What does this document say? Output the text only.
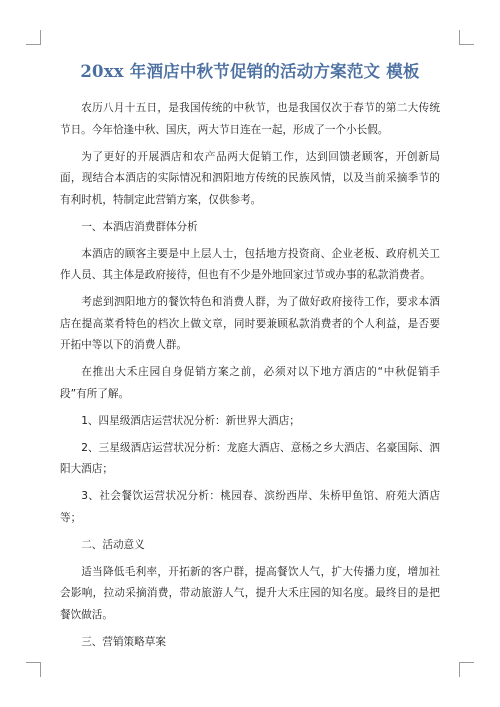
20xx 年酒店中秋节促销的活动方案范文 模板

农历八月十五日，是我国传统的中秋节，也是我国仅次于春节的第二大传统节日。今年恰逢中秋、国庆，两大节日连在一起，形成了一个小长假。

为了更好的开展酒店和农产品两大促销工作，达到回馈老顾客，开创新局面，现结合本酒店的实际情况和泗阳地方传统的民族风情，以及当前采摘季节的有利时机，特制定此营销方案，仅供参考。

一、本酒店消费群体分析

本酒店的顾客主要是中上层人士，包括地方投资商、企业老板、政府机关工作人员、其主体是政府接待，但也有不少是外地回家过节或办事的私款消费者。

考虑到泗阳地方的餐饮特色和消费人群，为了做好政府接待工作，要求本酒店在提高菜肴特色的档次上做文章，同时要兼顾私款消费者的个人利益，是否要开拓中等以下的消费人群。

在推出大禾庄园自身促销方案之前，必须对以下地方酒店的“中秋促销手段”有所了解。

1、四星级酒店运营状况分析：新世界大酒店；

2、三星级酒店运营状况分析：龙庭大酒店、意杨之乡大酒店、名豪国际、泗阳大酒店；

3、社会餐饮运营状况分析：桃园春、滨纷西岸、朱桥甲鱼馆、府苑大酒店等；

二、活动意义

适当降低毛利率，开拓新的客户群，提高餐饮人气，扩大传播力度，增加社会影响，拉动采摘消费，带动旅游人气，提升大禾庄园的知名度。最终目的是把餐饮做活。

三、营销策略草案
